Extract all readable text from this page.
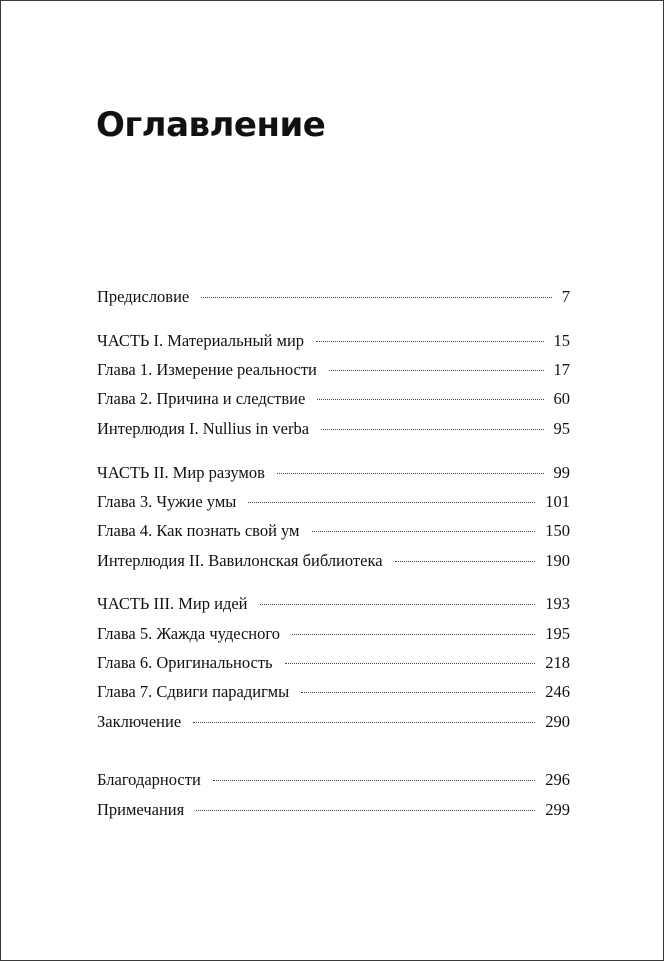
Оглавление
Предисловие	7
ЧАСТЬ I. Материальный мир	15
Глава 1. Измерение реальности	17
Глава 2. Причина и следствие	60
Интерлюдия I. Nullius in verba	95
ЧАСТЬ II. Мир разумов	99
Глава 3. Чужие умы	101
Глава 4. Как познать свой ум	150
Интерлюдия II. Вавилонская библиотека	190
ЧАСТЬ III. Мир идей	193
Глава 5. Жажда чудесного	195
Глава 6. Оригинальность	218
Глава 7. Сдвиги парадигмы	246
Заключение	290
Благодарности	296
Примечания	299
